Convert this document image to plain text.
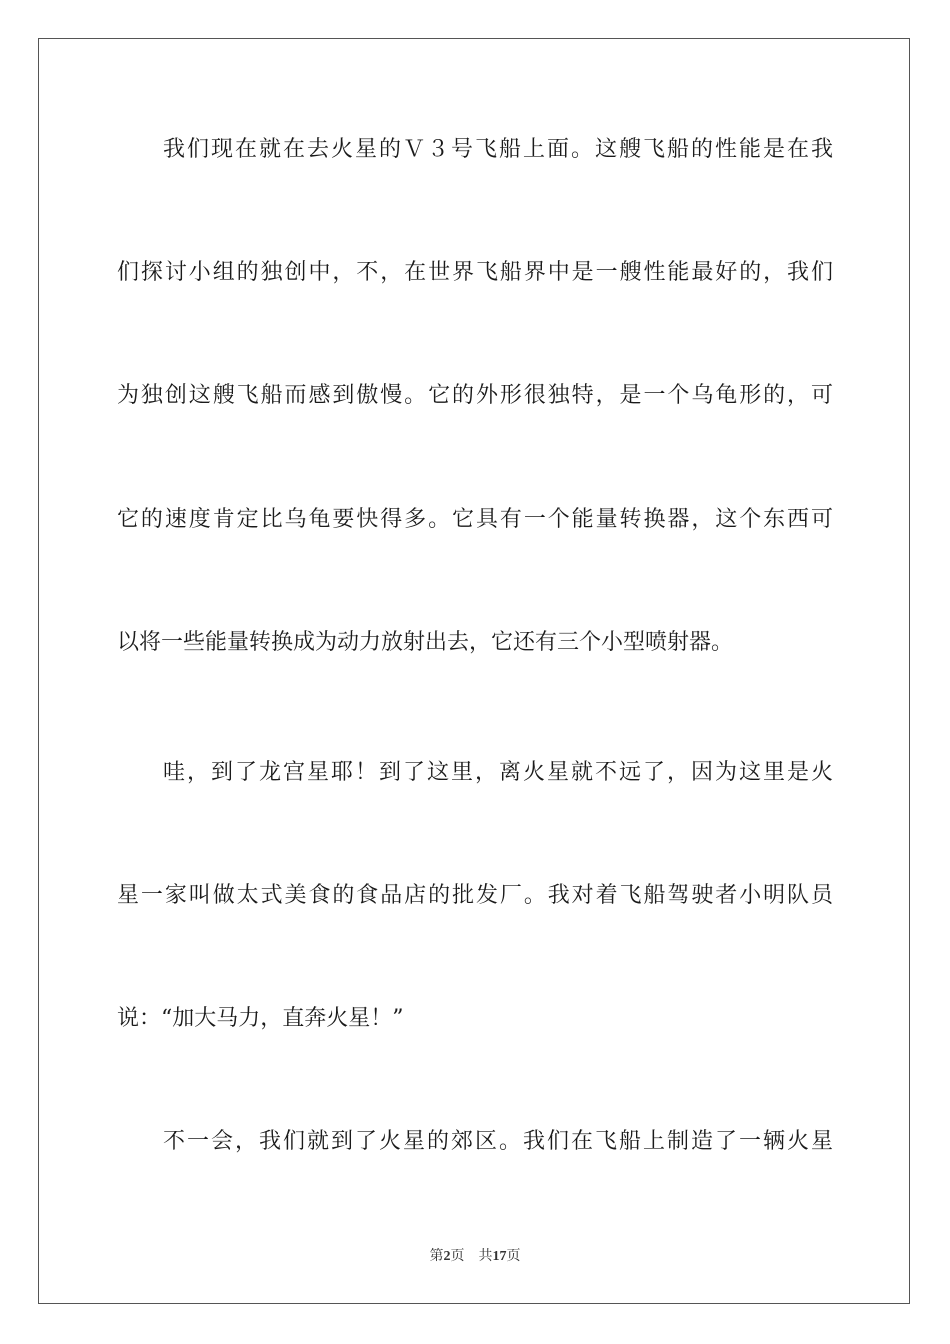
我们现在就在去火星的Ｖ３号飞船上面。这艘飞船的性能是在我
们探讨小组的独创中，不，在世界飞船界中是一艘性能最好的，我们
为独创这艘飞船而感到傲慢。它的外形很独特，是一个乌龟形的，可
它的速度肯定比乌龟要快得多。它具有一个能量转换器，这个东西可
以将一些能量转换成为动力放射出去，它还有三个小型喷射器。
哇，到了龙宫星耶！到了这里，离火星就不远了，因为这里是火
星一家叫做太式美食的食品店的批发厂。我对着飞船驾驶者小明队员
说：“加大马力，直奔火星！”
不一会，我们就到了火星的郊区。我们在飞船上制造了一辆火星
第2页 共17页
